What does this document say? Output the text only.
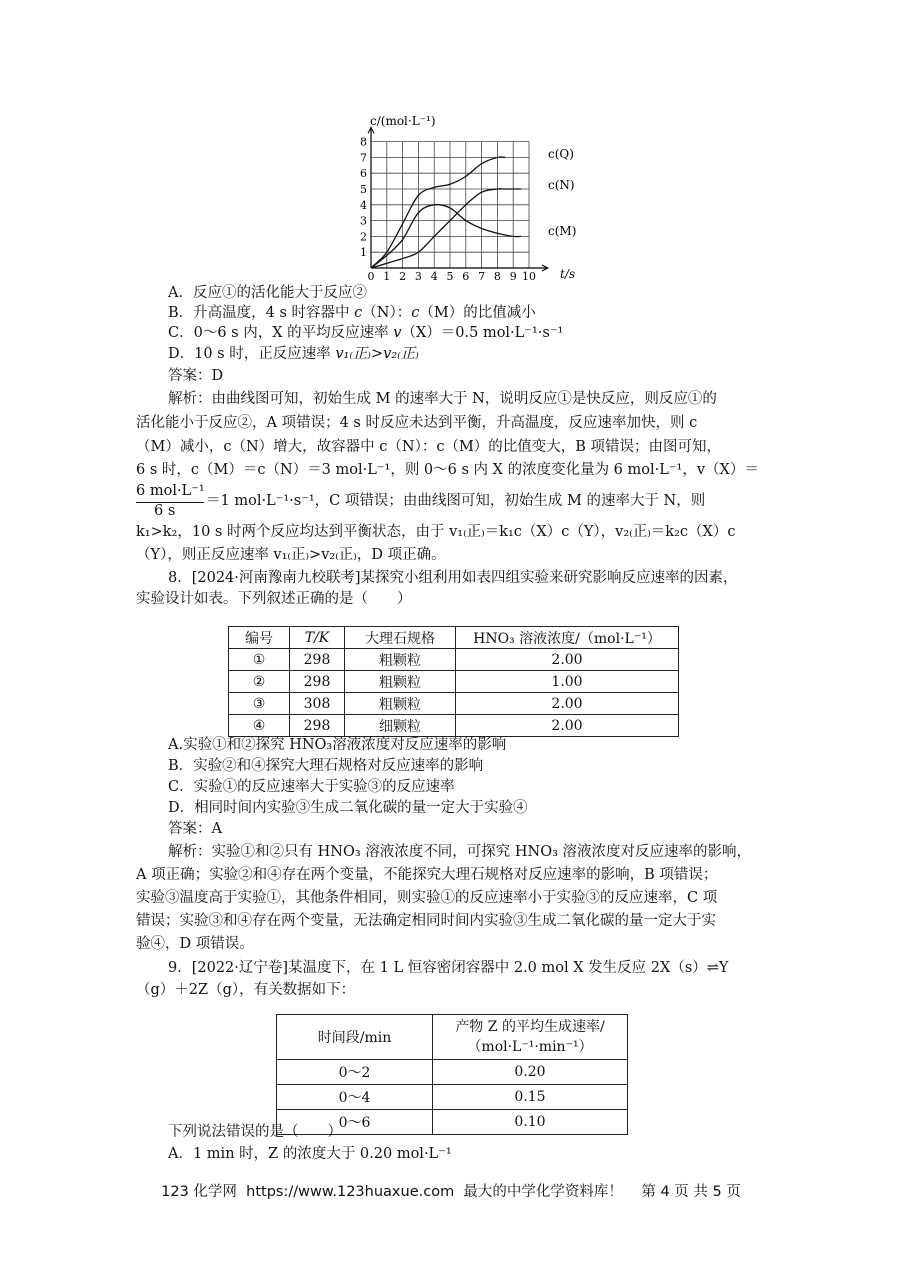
0 1 2 3 4 5 6 7 8 9 10
1
2
3
4
5
6
7
8
c/(mol·L⁻¹)
t/s
c(Q)
c(N)
c(M)
A．反应①的活化能大于反应②
B．升高温度，4 s 时容器中 c（N）：c（M）的比值减小
C．0～6 s 内，X 的平均反应速率 v（X）＝0.5 mol·L⁻¹·s⁻¹
D．10 s 时，正反应速率 v₁₍正₎>v₂₍正₎
答案：D
解析：由曲线图可知，初始生成 M 的速率大于 N，说明反应①是快反应，则反应①的
活化能小于反应②，A 项错误；4 s 时反应未达到平衡，升高温度，反应速率加快，则 c
（M）减小，c（N）增大，故容器中 c（N）：c（M）的比值变大，B 项错误；由图可知，
6 s 时，c（M）＝c（N）＝3 mol·L⁻¹，则 0～6 s 内 X 的浓度变化量为 6 mol·L⁻¹，v（X）＝
6 mol·L⁻¹
6 s
＝1 mol·L⁻¹·s⁻¹，C 项错误；由曲线图可知，初始生成 M 的速率大于 N，则
k₁>k₂，10 s 时两个反应均达到平衡状态，由于 v₁₍正₎＝k₁c（X）c（Y），v₂₍正₎＝k₂c（X）c
（Y），则正反应速率 v₁₍正₎>v₂₍正₎，D 项正确。
8．[2024·河南豫南九校联考]某探究小组利用如表四组实验来研究影响反应速率的因素，
实验设计如表。下列叙述正确的是（　　）
编号	T/K	大理石规格	HNO₃ 溶液浓度/（mol·L⁻¹）
①	298	粗颗粒	2.00
②	298	粗颗粒	1.00
③	308	粗颗粒	2.00
④	298	细颗粒	2.00
A.实验①和②探究 HNO₃溶液浓度对反应速率的影响
B．实验②和④探究大理石规格对反应速率的影响
C．实验①的反应速率大于实验③的反应速率
D．相同时间内实验③生成二氧化碳的量一定大于实验④
答案：A
解析：实验①和②只有 HNO₃ 溶液浓度不同，可探究 HNO₃ 溶液浓度对反应速率的影响，
A 项正确；实验②和④存在两个变量，不能探究大理石规格对反应速率的影响，B 项错误；
实验③温度高于实验①，其他条件相同，则实验①的反应速率小于实验③的反应速率，C 项
错误；实验③和④存在两个变量，无法确定相同时间内实验③生成二氧化碳的量一定大于实
验④，D 项错误。
9．[2022·辽宁卷]某温度下，在 1 L 恒容密闭容器中 2.0 mol X 发生反应 2X（s）⇌Y
（g）＋2Z（g），有关数据如下：
时间段/min	产物 Z 的平均生成速率/
（mol·L⁻¹·min⁻¹）
0～2	0.20
0～4	0.15
0～6	0.10
下列说法错误的是（　　）
A．1 min 时，Z 的浓度大于 0.20 mol·L⁻¹
123 化学网 https://www.123huaxue.com 最大的中学化学资料库！ 第 4 页 共 5 页
